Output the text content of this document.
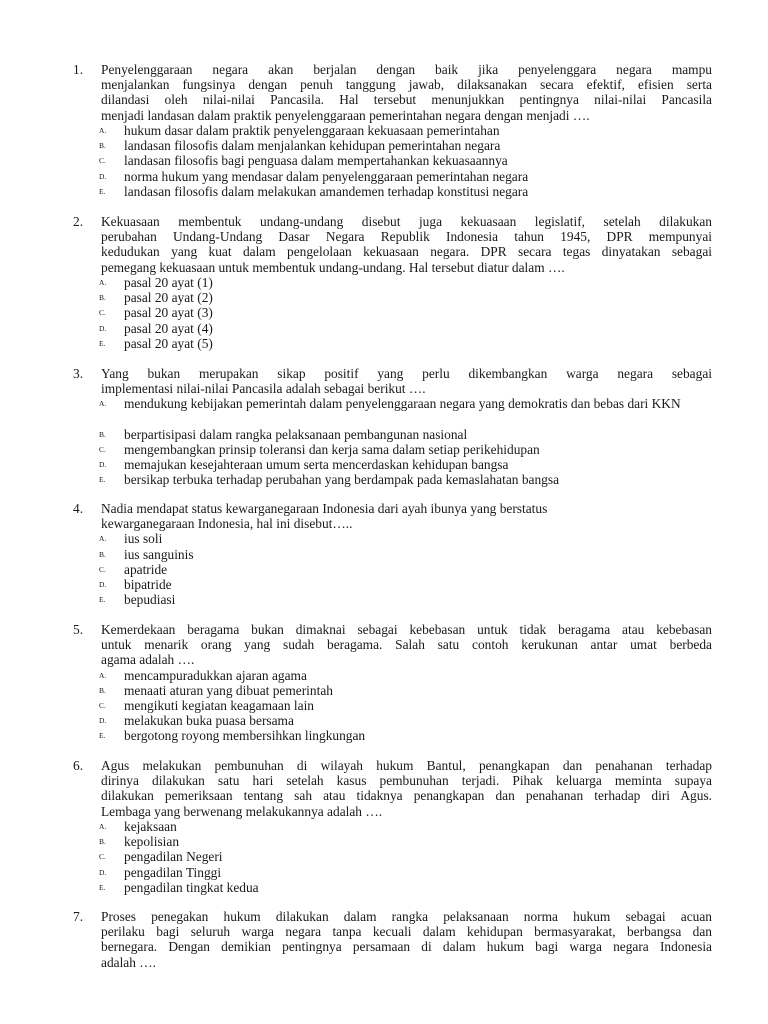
1. Penyelenggaraan negara akan berjalan dengan baik jika penyelenggara negara mampu
menjalankan fungsinya dengan penuh tanggung jawab, dilaksanakan secara efektif, efisien serta
dilandasi oleh nilai-nilai Pancasila. Hal tersebut menunjukkan pentingnya nilai-nilai Pancasila
menjadi landasan dalam praktik penyelenggaraan pemerintahan negara dengan menjadi ….
A. hukum dasar dalam praktik penyelenggaraan kekuasaan pemerintahan
B. landasan filosofis dalam menjalankan kehidupan pemerintahan negara
C. landasan filosofis bagi penguasa dalam mempertahankan kekuasaannya
D. norma hukum yang mendasar dalam penyelenggaraan pemerintahan negara
E. landasan filosofis dalam melakukan amandemen terhadap konstitusi negara
2. Kekuasaan membentuk undang-undang disebut juga kekuasaan legislatif, setelah dilakukan
perubahan Undang-Undang Dasar Negara Republik Indonesia tahun 1945, DPR mempunyai
kedudukan yang kuat dalam pengelolaan kekuasaan negara. DPR secara tegas dinyatakan sebagai
pemegang kekuasaan untuk membentuk undang-undang. Hal tersebut diatur dalam ….
A. pasal 20 ayat (1)
B. pasal 20 ayat (2)
C. pasal 20 ayat (3)
D. pasal 20 ayat (4)
E. pasal 20 ayat (5)
3. Yang bukan merupakan sikap positif yang perlu dikembangkan warga negara sebagai
implementasi nilai-nilai Pancasila adalah sebagai berikut ….
A. mendukung kebijakan pemerintah dalam penyelenggaraan negara yang demokratis dan bebas dari KKN
B. berpartisipasi dalam rangka pelaksanaan pembangunan nasional
C. mengembangkan prinsip toleransi dan kerja sama dalam setiap perikehidupan
D. memajukan kesejahteraan umum serta mencerdaskan kehidupan bangsa
E. bersikap terbuka terhadap perubahan yang berdampak pada kemaslahatan bangsa
4. Nadia mendapat status kewarganegaraan Indonesia dari ayah ibunya yang berstatus
kewarganegaraan Indonesia, hal ini disebut…..
A. ius soli
B. ius sanguinis
C. apatride
D. bipatride
E. bepudiasi
5. Kemerdekaan beragama bukan dimaknai sebagai kebebasan untuk tidak beragama atau kebebasan
untuk menarik orang yang sudah beragama. Salah satu contoh kerukunan antar umat berbeda
agama adalah ….
A. mencampuradukkan ajaran agama
B. menaati aturan yang dibuat pemerintah
C. mengikuti kegiatan keagamaan lain
D. melakukan buka puasa bersama
E. bergotong royong membersihkan lingkungan
6. Agus melakukan pembunuhan di wilayah hukum Bantul, penangkapan dan penahanan terhadap
dirinya dilakukan satu hari setelah kasus pembunuhan terjadi. Pihak keluarga meminta supaya
dilakukan pemeriksaan tentang sah atau tidaknya penangkapan dan penahanan terhadap diri Agus.
Lembaga yang berwenang melakukannya adalah ….
A. kejaksaan
B. kepolisian
C. pengadilan Negeri
D. pengadilan Tinggi
E. pengadilan tingkat kedua
7. Proses penegakan hukum dilakukan dalam rangka pelaksanaan norma hukum sebagai acuan
perilaku bagi seluruh warga negara tanpa kecuali dalam kehidupan bermasyarakat, berbangsa dan
bernegara. Dengan demikian pentingnya persamaan di dalam hukum bagi warga negara Indonesia
adalah ….
